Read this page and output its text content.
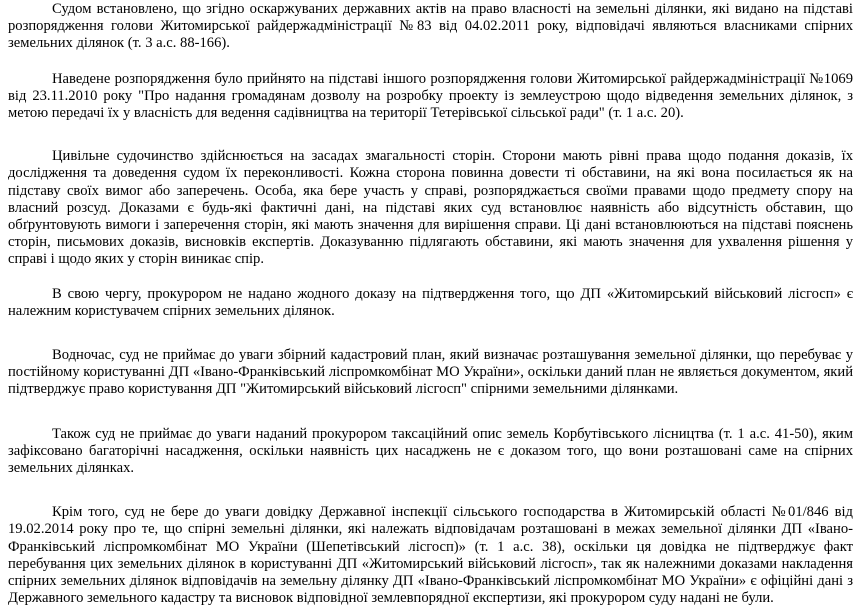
Судом встановлено, що згідно оскаржуваних державних актів на право власності на земельні ділянки, які видано на підставі розпорядження голови Житомирської райдержадміністрації №83 від 04.02.2011 року, відповідачі являються власниками спірних земельних ділянок (т. 3 а.с. 88-166).

Наведене розпорядження було прийнято на підставі іншого розпорядження голови Житомирської райдержадміністрації №1069 від 23.11.2010 року "Про надання громадянам дозволу на розробку проекту із землеустрою щодо відведення земельних ділянок, з метою передачі їх у власність для ведення садівництва на території Тетерівської сільської ради" (т. 1 а.с. 20).

Цивільне судочинство здійснюється на засадах змагальності сторін. Сторони мають рівні права щодо подання доказів, їх дослідження та доведення судом їх переконливості. Кожна сторона повинна довести ті обставини, на які вона посилається як на підставу своїх вимог або заперечень. Особа, яка бере участь у справі, розпоряджається своїми правами щодо предмету спору на власний розсуд. Доказами є будь-які фактичні дані, на підставі яких суд встановлює наявність або відсутність обставин, що обґрунтовують вимоги і заперечення сторін, які мають значення для вирішення справи. Ці дані встановлюються на підставі пояснень сторін, письмових доказів, висновків експертів. Доказуванню підлягають обставини, які мають значення для ухвалення рішення у справі і щодо яких у сторін виникає спір.

В свою чергу, прокурором не надано жодного доказу на підтвердження того, що ДП «Житомирський військовий лісгосп» є належним користувачем спірних земельних ділянок.

Водночас, суд не приймає до уваги збірний кадастровий план, який визначає розташування земельної ділянки, що перебуває у постійному користуванні ДП «Івано-Франківський ліспромкомбінат МО України», оскільки даний план не являється документом, який підтверджує право користування ДП "Житомирський військовий лісгосп" спірними земельними ділянками.

Також суд не приймає до уваги наданий прокурором таксаційний опис земель Корбутівського лісництва (т. 1 а.с. 41-50), яким зафіксовано багаторічні насадження, оскільки наявність цих насаджень не є доказом того, що вони розташовані саме на спірних земельних ділянках.

Крім того, суд не бере до уваги довідку Державної інспекції сільського господарства в Житомирській області №01/846 від 19.02.2014 року про те, що спірні земельні ділянки, які належать відповідачам розташовані в межах земельної ділянки ДП «Івано-Франківський ліспромкомбінат МО України (Шепетівський лісгосп)» (т. 1 а.с. 38), оскільки ця довідка не підтверджує факт перебування цих земельних ділянок в користуванні ДП «Житомирський військовий лісгосп», так як належними доказами накладення спірних земельних ділянок відповідачів на земельну ділянку ДП «Івано-Франківський ліспромкомбінат МО України» є офіційні дані з Державного земельного кадастру та висновок відповідної землевпорядної експертизи, які прокурором суду надані не були.
